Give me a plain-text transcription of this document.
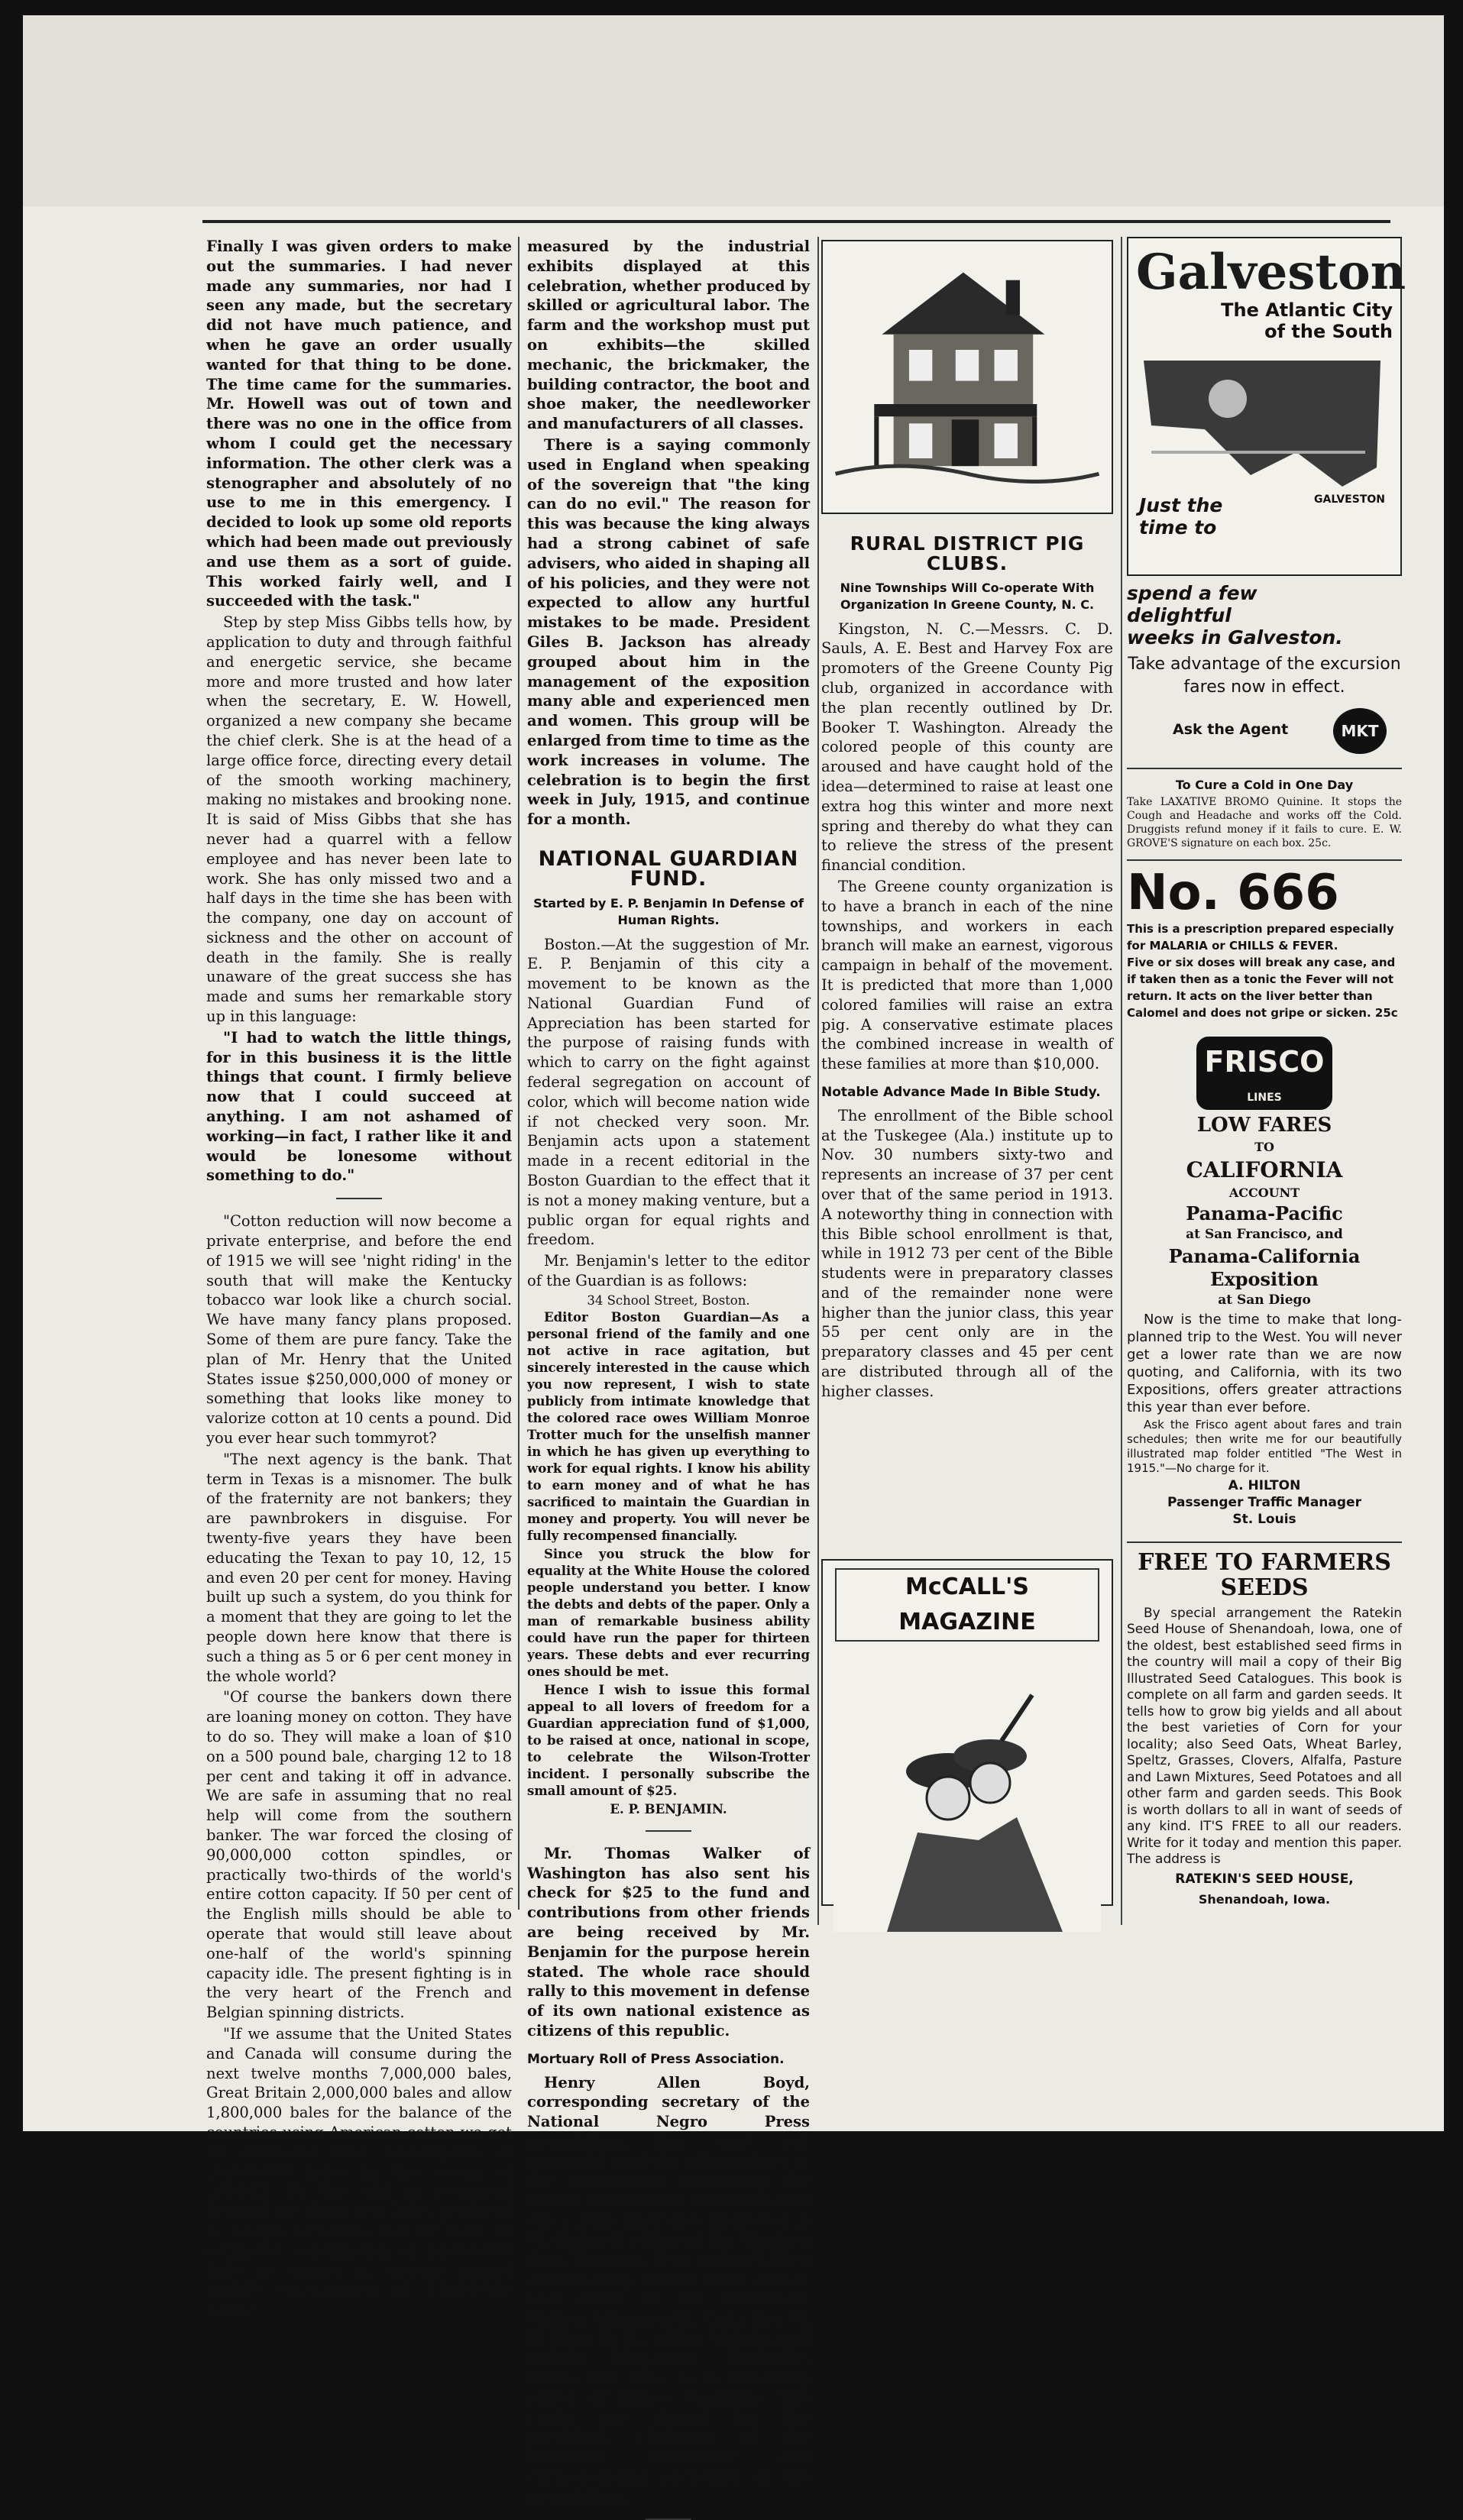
Finally I was given orders to make out the summaries. I had never made any summaries, nor had I seen any made, but the secretary did not have much patience, and when he gave an order usually wanted for that thing to be done. The time came for the summaries. Mr. Howell was out of town and there was no one in the office from whom I could get the necessary information. The other clerk was a stenographer and absolutely of no use to me in this emergency. I decided to look up some old reports which had been made out previously and use them as a sort of guide. This worked fairly well, and I succeeded with the task."

Step by step Miss Gibbs tells how, by application to duty and through faithful and energetic service, she became more and more trusted and how later when the secretary, E. W. Howell, organized a new company she became the chief clerk. She is at the head of a large office force, directing every detail of the smooth working machinery, making no mistakes and brooking none. It is said of Miss Gibbs that she has never had a quarrel with a fellow employee and has never been late to work. She has only missed two and a half days in the time she has been with the company, one day on account of sickness and the other on account of death in the family. She is really unaware of the great success she has made and sums her remarkable story up in this language:

"I had to watch the little things, for in this business it is the little things that count. I firmly believe now that I could succeed at anything. I am not ashamed of working—in fact, I rather like it and would be lonesome without something to do."

"Cotton reduction will now become a private enterprise, and before the end of 1915 we will see 'night riding' in the south that will make the Kentucky tobacco war look like a church social. We have many fancy plans proposed. Some of them are pure fancy. Take the plan of Mr. Henry that the United States issue $250,000,000 of money or something that looks like money to valorize cotton at 10 cents a pound. Did you ever hear such tommyrot?

"The next agency is the bank. That term in Texas is a misnomer. The bulk of the fraternity are not bankers; they are pawnbrokers in disguise. For twenty-five years they have been educating the Texan to pay 10, 12, 15 and even 20 per cent for money. Having built up such a system, do you think for a moment that they are going to let the people down here know that there is such a thing as 5 or 6 per cent money in the whole world?

"Of course the bankers down there are loaning money on cotton. They have to do so. They will make a loan of $10 on a 500 pound bale, charging 12 to 18 per cent and taking it off in advance. We are safe in assuming that no real help will come from the southern banker. The war forced the closing of 90,000,000 cotton spindles, or practically two-thirds of the world's entire cotton capacity. If 50 per cent of the English mills should be able to operate that would still leave about one-half of the world's spinning capacity idle. The present fighting is in the very heart of the French and Belgian spinning districts.

"If we assume that the United States and Canada will consume during the next twelve months 7,000,000 bales, Great Britain 2,000,000 bales and allow 1,800,000 bales for the balance of the countries using American cotton we get an estimated total consumption of 10,800,000 bales for the season of 1914-15. To this add an estimated demand for 4,000,000 bales produced in foreign countries, and we have an estimated consumption of 14,800,000 bales as against an average normal world's consumption of 21,000,000 bales."

measured by the industrial exhibits displayed at this celebration, whether produced by skilled or agricultural labor. The farm and the workshop must put on exhibits—the skilled mechanic, the brickmaker, the building contractor, the boot and shoe maker, the needleworker and manufacturers of all classes.

There is a saying commonly used in England when speaking of the sovereign that "the king can do no evil." The reason for this was because the king always had a strong cabinet of safe advisers, who aided in shaping all of his policies, and they were not expected to allow any hurtful mistakes to be made. President Giles B. Jackson has already grouped about him in the management of the exposition many able and experienced men and women. This group will be enlarged from time to time as the work increases in volume. The celebration is to begin the first week in July, 1915, and continue for a month.

NATIONAL GUARDIAN FUND.
Started by E. P. Benjamin In Defense of Human Rights.

Boston.—At the suggestion of Mr. E. P. Benjamin of this city a movement to be known as the National Guardian Fund of Appreciation has been started for the purpose of raising funds with which to carry on the fight against federal segregation on account of color, which will become nation wide if not checked very soon. Mr. Benjamin acts upon a statement made in a recent editorial in the Boston Guardian to the effect that it is not a money making venture, but a public organ for equal rights and freedom.

Mr. Benjamin's letter to the editor of the Guardian is as follows:

34 School Street, Boston.

Editor Boston Guardian—As a personal friend of the family and one not active in race agitation, but sincerely interested in the cause which you now represent, I wish to state publicly from intimate knowledge that the colored race owes William Monroe Trotter much for the unselfish manner in which he has given up everything to work for equal rights. I know his ability to earn money and of what he has sacrificed to maintain the Guardian in money and property. You will never be fully recompensed financially.

Since you struck the blow for equality at the White House the colored people understand you better. I know the debts and debts of the paper. Only a man of remarkable business ability could have run the paper for thirteen years. These debts and ever recurring ones should be met.

Hence I wish to issue this formal appeal to all lovers of freedom for a Guardian appreciation fund of $1,000, to be raised at once, national in scope, to celebrate the Wilson-Trotter incident. I personally subscribe the small amount of $25.

E. P. BENJAMIN.

Mr. Thomas Walker of Washington has also sent his check for $25 to the fund and contributions from other friends are being received by Mr. Benjamin for the purpose herein stated. The whole race should rally to this movement in defense of its own national existence as citizens of this republic.

Mortuary Roll of Press Association.

Henry Allen Boyd, corresponding secretary of the National Negro Press association, has sent out memorial cards to all members of the association containing the names of members who have died since July. They are: Professor J. M. Codwell, editor of the Western Star, Houston, Tex.; Colonel Allen Allensworth, retired army officer and editor of the Sentiment Maker, Allensworth, Cal.; Rev. N. H. Pius, D. D., editor Metoka and Galeda Magazine, Nashville, Tenn., and Miss L. B. Bushnell, editor of Hope, Nashville. The cards are signed by the president, chairman of the executive committee and corresponding secretary of the association.

RURAL DISTRICT PIG CLUBS.
Nine Townships Will Co-operate With Organization In Greene County, N. C.

Kingston, N. C.—Messrs. C. D. Sauls, A. E. Best and Harvey Fox are promoters of the Greene County Pig club, organized in accordance with the plan recently outlined by Dr. Booker T. Washington. Already the colored people of this county are aroused and have caught hold of the idea—determined to raise at least one extra hog this winter and more next spring and thereby do what they can to relieve the stress of the present financial condition.

The Greene county organization is to have a branch in each of the nine townships, and workers in each branch will make an earnest, vigorous campaign in behalf of the movement. It is predicted that more than 1,000 colored families will raise an extra pig. A conservative estimate places the combined increase in wealth of these families at more than $10,000.

Notable Advance Made In Bible Study.

The enrollment of the Bible school at the Tuskegee (Ala.) institute up to Nov. 30 numbers sixty-two and represents an increase of 37 per cent over that of the same period in 1913. A noteworthy thing in connection with this Bible school enrollment is that, while in 1912 73 per cent of the Bible students were in preparatory classes and of the remainder none were higher than the junior class, this year 55 per cent only are in the preparatory classes and 45 per cent are distributed through all of the higher classes.

McCALL'S MAGAZINE
Galveston
The Atlantic City
of the South
GALVESTON
Just the
time to
spend a few
delightful
weeks in Galveston.
Take advantage of the excursion fares now in effect.
Ask the Agent	MKT
To Cure a Cold in One Day
Take LAXATIVE BROMO Quinine. It stops the Cough and Headache and works off the Cold. Druggists refund money if it fails to cure. E. W. GROVE'S signature on each box. 25c.
No. 666
This is a prescription prepared especially
for MALARIA or CHILLS & FEVER.
Five or six doses will break any case, and
if taken then as a tonic the Fever will not
return. It acts on the liver better than
Calomel and does not gripe or sicken. 25c
FRISCO
LINES
LOW FARES
TO
CALIFORNIA
ACCOUNT
Panama-Pacific
at San Francisco, and
Panama-California
Exposition
at San Diego

Now is the time to make that long-planned trip to the West. You will never get a lower rate than we are now quoting, and California, with its two Expositions, offers greater attractions this year than ever before.

Ask the Frisco agent about fares and train schedules; then write me for our beautifully illustrated map folder entitled "The West in 1915."—No charge for it.

A. HILTON
Passenger Traffic Manager
St. Louis
FREE TO FARMERS
SEEDS

By special arrangement the Ratekin Seed House of Shenandoah, Iowa, one of the oldest, best established seed firms in the country will mail a copy of their Big Illustrated Seed Catalogues. This book is complete on all farm and garden seeds. It tells how to grow big yields and all about the best varieties of Corn for your locality; also Seed Oats, Wheat Barley, Speltz, Grasses, Clovers, Alfalfa, Pasture and Lawn Mixtures, Seed Potatoes and all other farm and garden seeds. This Book is worth dollars to all in want of seeds of any kind. IT'S FREE to all our readers. Write for it today and mention this paper. The address is

RATEKIN'S SEED HOUSE,
Shenandoah, Iowa.
